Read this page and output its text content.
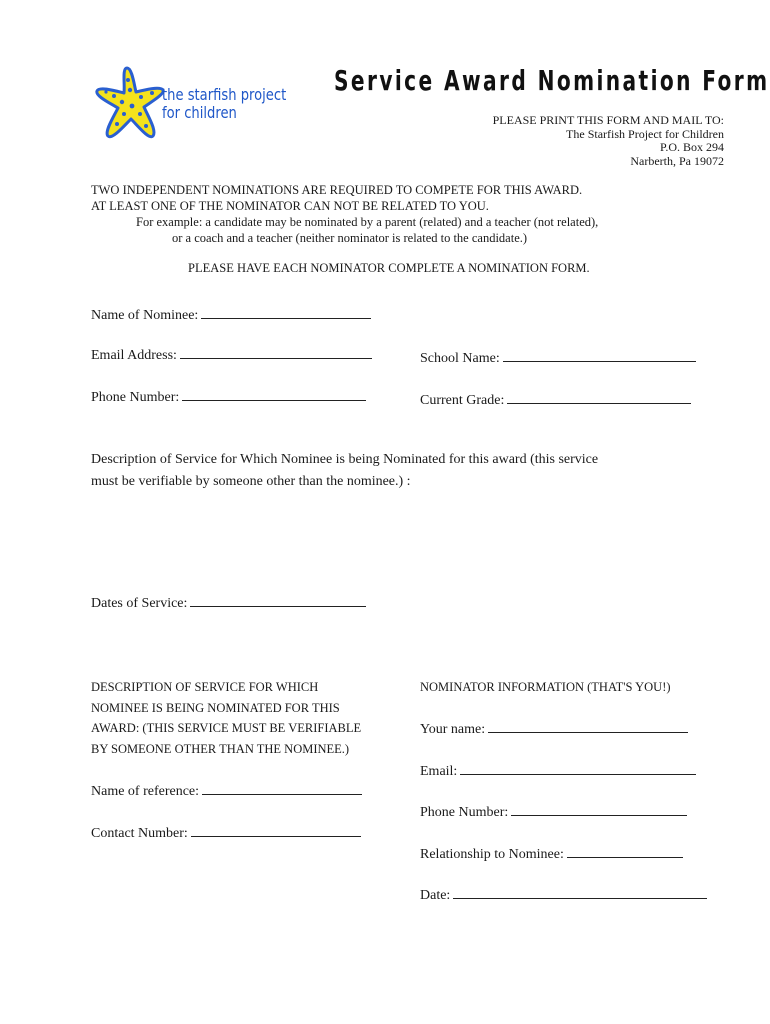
the starfish project
for children
Service Award Nomination Form
PLEASE PRINT THIS FORM AND MAIL TO:
The Starfish Project for Children
P.O. Box 294
Narberth, Pa 19072
TWO INDEPENDENT NOMINATIONS ARE REQUIRED TO COMPETE FOR THIS AWARD.
AT LEAST ONE OF THE NOMINATOR CAN NOT BE RELATED TO YOU.
For example: a candidate may be nominated by a parent (related) and a teacher (not related),
or a coach and a teacher (neither nominator is related to the candidate.)
PLEASE HAVE EACH NOMINATOR COMPLETE A NOMINATION FORM.
Name of Nominee:
Email Address:	School Name:
Phone Number:	Current Grade:
Description of Service for Which Nominee is being Nominated for this award (this service
must be verifiable by someone other than the nominee.) :
Dates of Service:
DESCRIPTION OF SERVICE FOR WHICH
NOMINEE IS BEING NOMINATED FOR THIS
AWARD: (THIS SERVICE MUST BE VERIFIABLE
BY SOMEONE OTHER THAN THE NOMINEE.)
Name of reference:
Contact Number:
NOMINATOR INFORMATION (THAT'S YOU!)
Your name:
Email:
Phone Number:
Relationship to Nominee:
Date:
